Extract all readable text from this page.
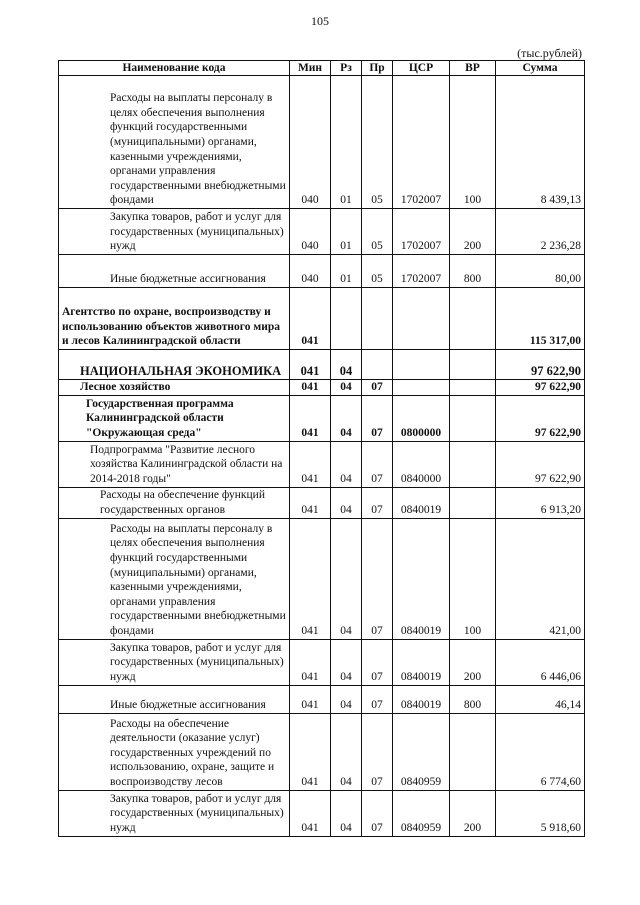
105
(тыс.рублей)
Наименование кода	Мин	Рз	Пр	ЦСР	ВР	Сумма
Расходы на выплаты персоналу в целях обеспечения выполнения функций государственными (муниципальными) органами, казенными учреждениями, органами управления государственными внебюджетными фондами	040	01	05	1702007	100	8 439,13
Закупка товаров, работ и услуг для государственных (муниципальных) нужд	040	01	05	1702007	200	2 236,28
Иные бюджетные ассигнования	040	01	05	1702007	800	80,00
Агентство по охране, воспроизводству и использованию объектов животного мира и лесов Калининградской области	041					115 317,00
НАЦИОНАЛЬНАЯ ЭКОНОМИКА	041	04				97 622,90
Лесное хозяйство	041	04	07			97 622,90
Государственная программа Калининградской области "Окружающая среда"	041	04	07	0800000		97 622,90
Подпрограмма "Развитие лесного хозяйства Калининградской области на 2014-2018 годы"	041	04	07	0840000		97 622,90
Расходы на обеспечение функций государственных органов	041	04	07	0840019		6 913,20
Расходы на выплаты персоналу в целях обеспечения выполнения функций государственными (муниципальными) органами, казенными учреждениями, органами управления государственными внебюджетными фондами	041	04	07	0840019	100	421,00
Закупка товаров, работ и услуг для государственных (муниципальных) нужд	041	04	07	0840019	200	6 446,06
Иные бюджетные ассигнования	041	04	07	0840019	800	46,14
Расходы на обеспечение деятельности (оказание услуг) государственных учреждений по использованию, охране, защите и воспроизводству лесов	041	04	07	0840959		6 774,60
Закупка товаров, работ и услуг для государственных (муниципальных) нужд	041	04	07	0840959	200	5 918,60
